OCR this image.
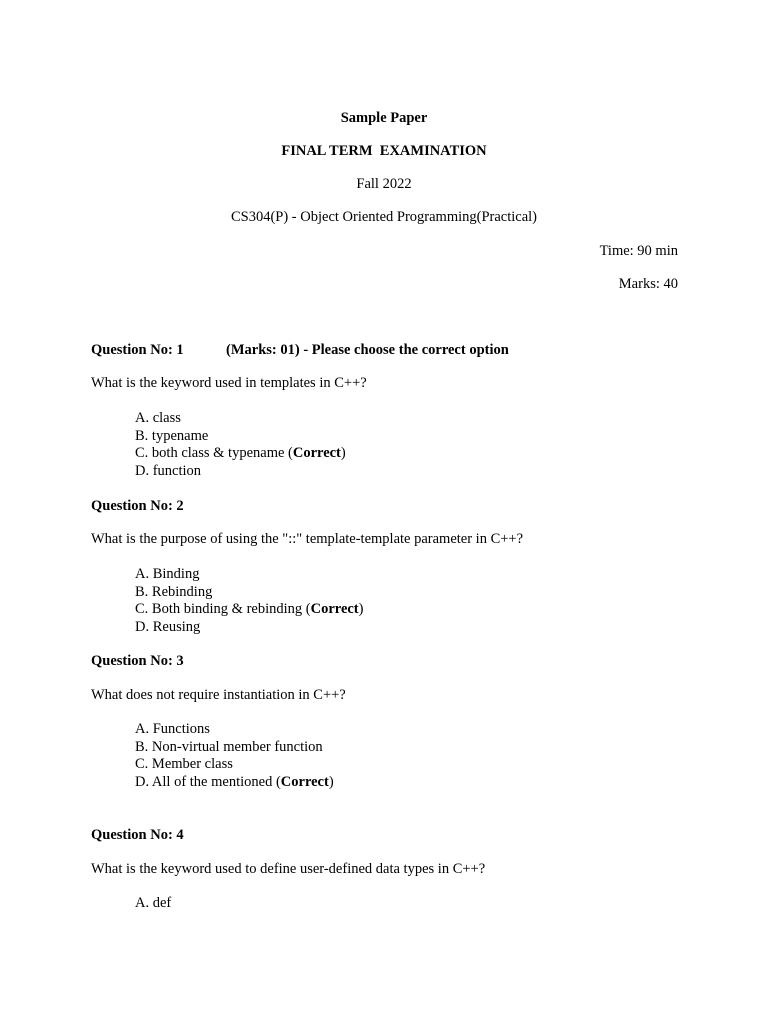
Sample Paper
FINAL TERM  EXAMINATION
Fall 2022
CS304(P) - Object Oriented Programming(Practical)
Time: 90 min
Marks: 40
Question No: 1	(Marks: 01) - Please choose the correct option
What is the keyword used in templates in C++?
A. class
B. typename
C. both class & typename (Correct)
D. function
Question No: 2
What is the purpose of using the "::" template-template parameter in C++?
A. Binding
B. Rebinding
C. Both binding & rebinding (Correct)
D. Reusing
Question No: 3
What does not require instantiation in C++?
A. Functions
B. Non-virtual member function
C. Member class
D. All of the mentioned (Correct)
Question No: 4
What is the keyword used to define user-defined data types in C++?
A. def
